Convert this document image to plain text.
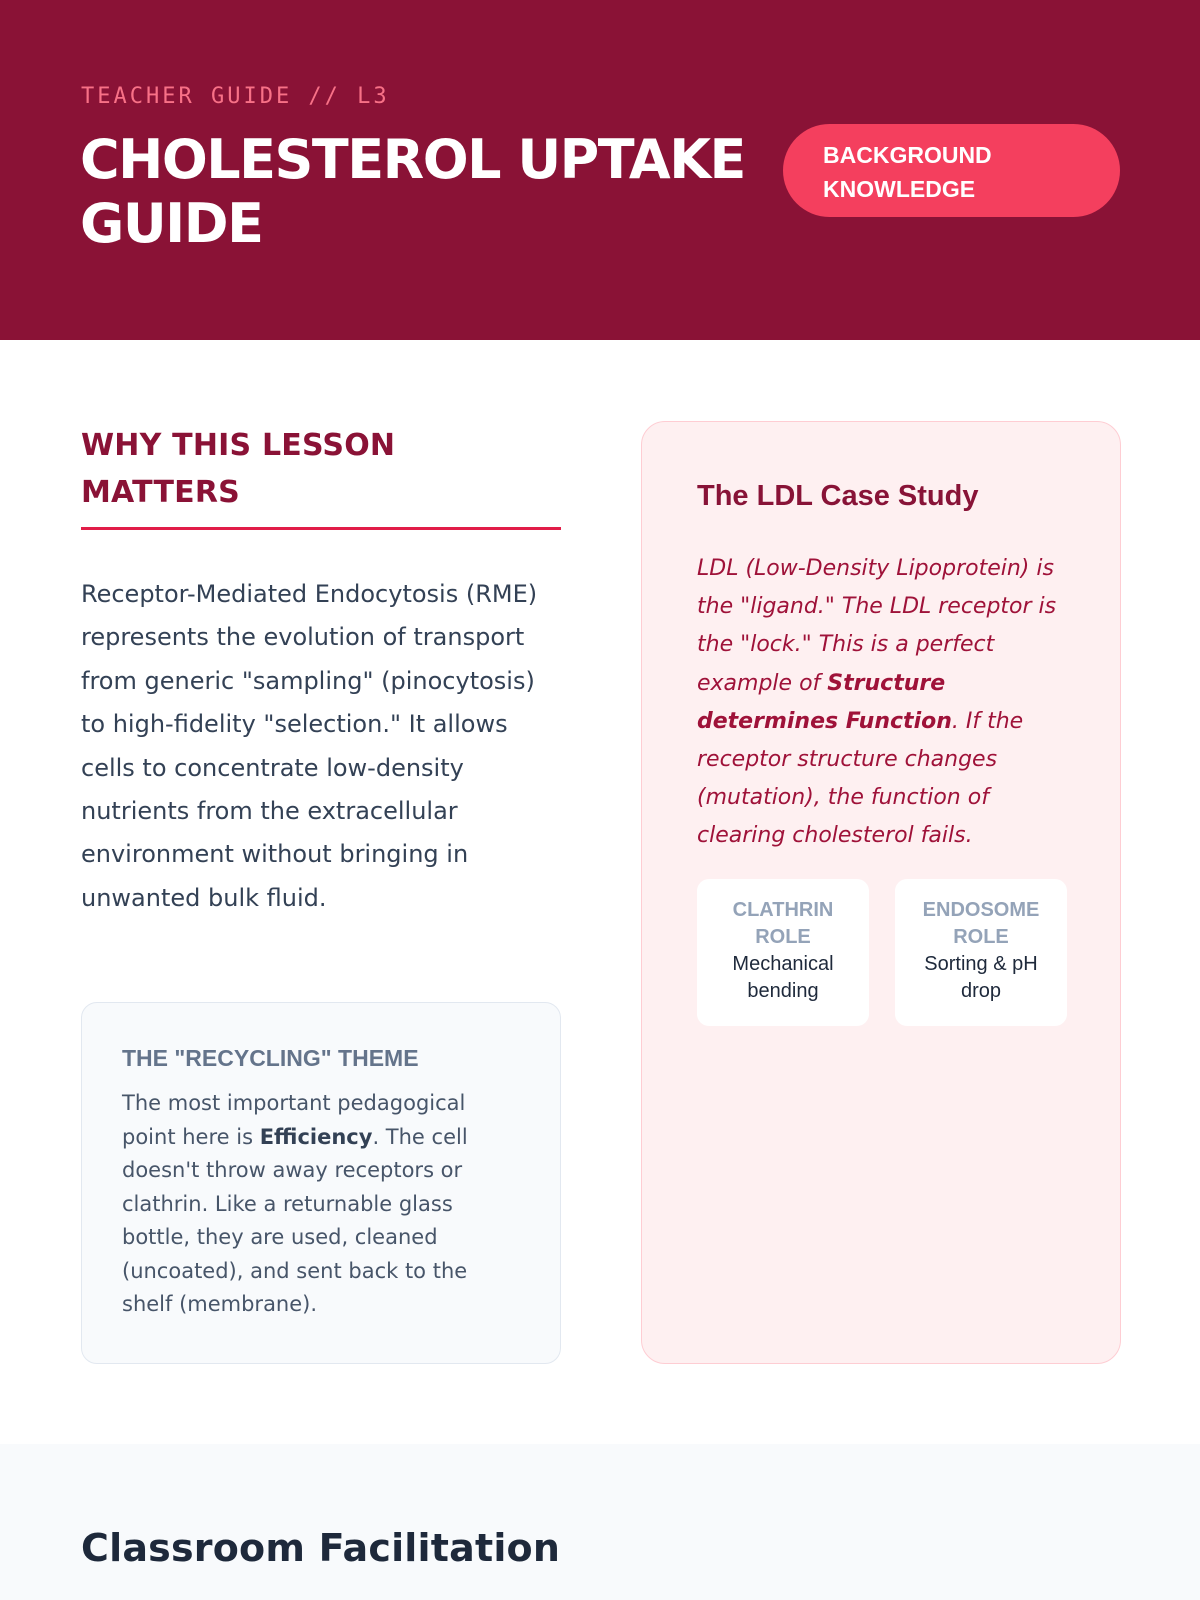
TEACHER GUIDE // L3
CHOLESTEROL UPTAKE GUIDE
BACKGROUND KNOWLEDGE
WHY THIS LESSON MATTERS

Receptor-Mediated Endocytosis (RME) represents the evolution of transport from generic "sampling" (pinocytosis) to high-fidelity "selection." It allows cells to concentrate low-density nutrients from the extracellular environment without bringing in unwanted bulk fluid.

THE "RECYCLING" THEME

The most important pedagogical point here is Efficiency. The cell doesn't throw away receptors or clathrin. Like a returnable glass bottle, they are used, cleaned (uncoated), and sent back to the shelf (membrane).

The LDL Case Study

LDL (Low-Density Lipoprotein) is the "ligand." The LDL receptor is the "lock." This is a perfect example of Structure determines Function. If the receptor structure changes (mutation), the function of clearing cholesterol fails.

CLATHRIN ROLE
Mechanical bending
ENDOSOME ROLE
Sorting & pH drop
Classroom Facilitation
